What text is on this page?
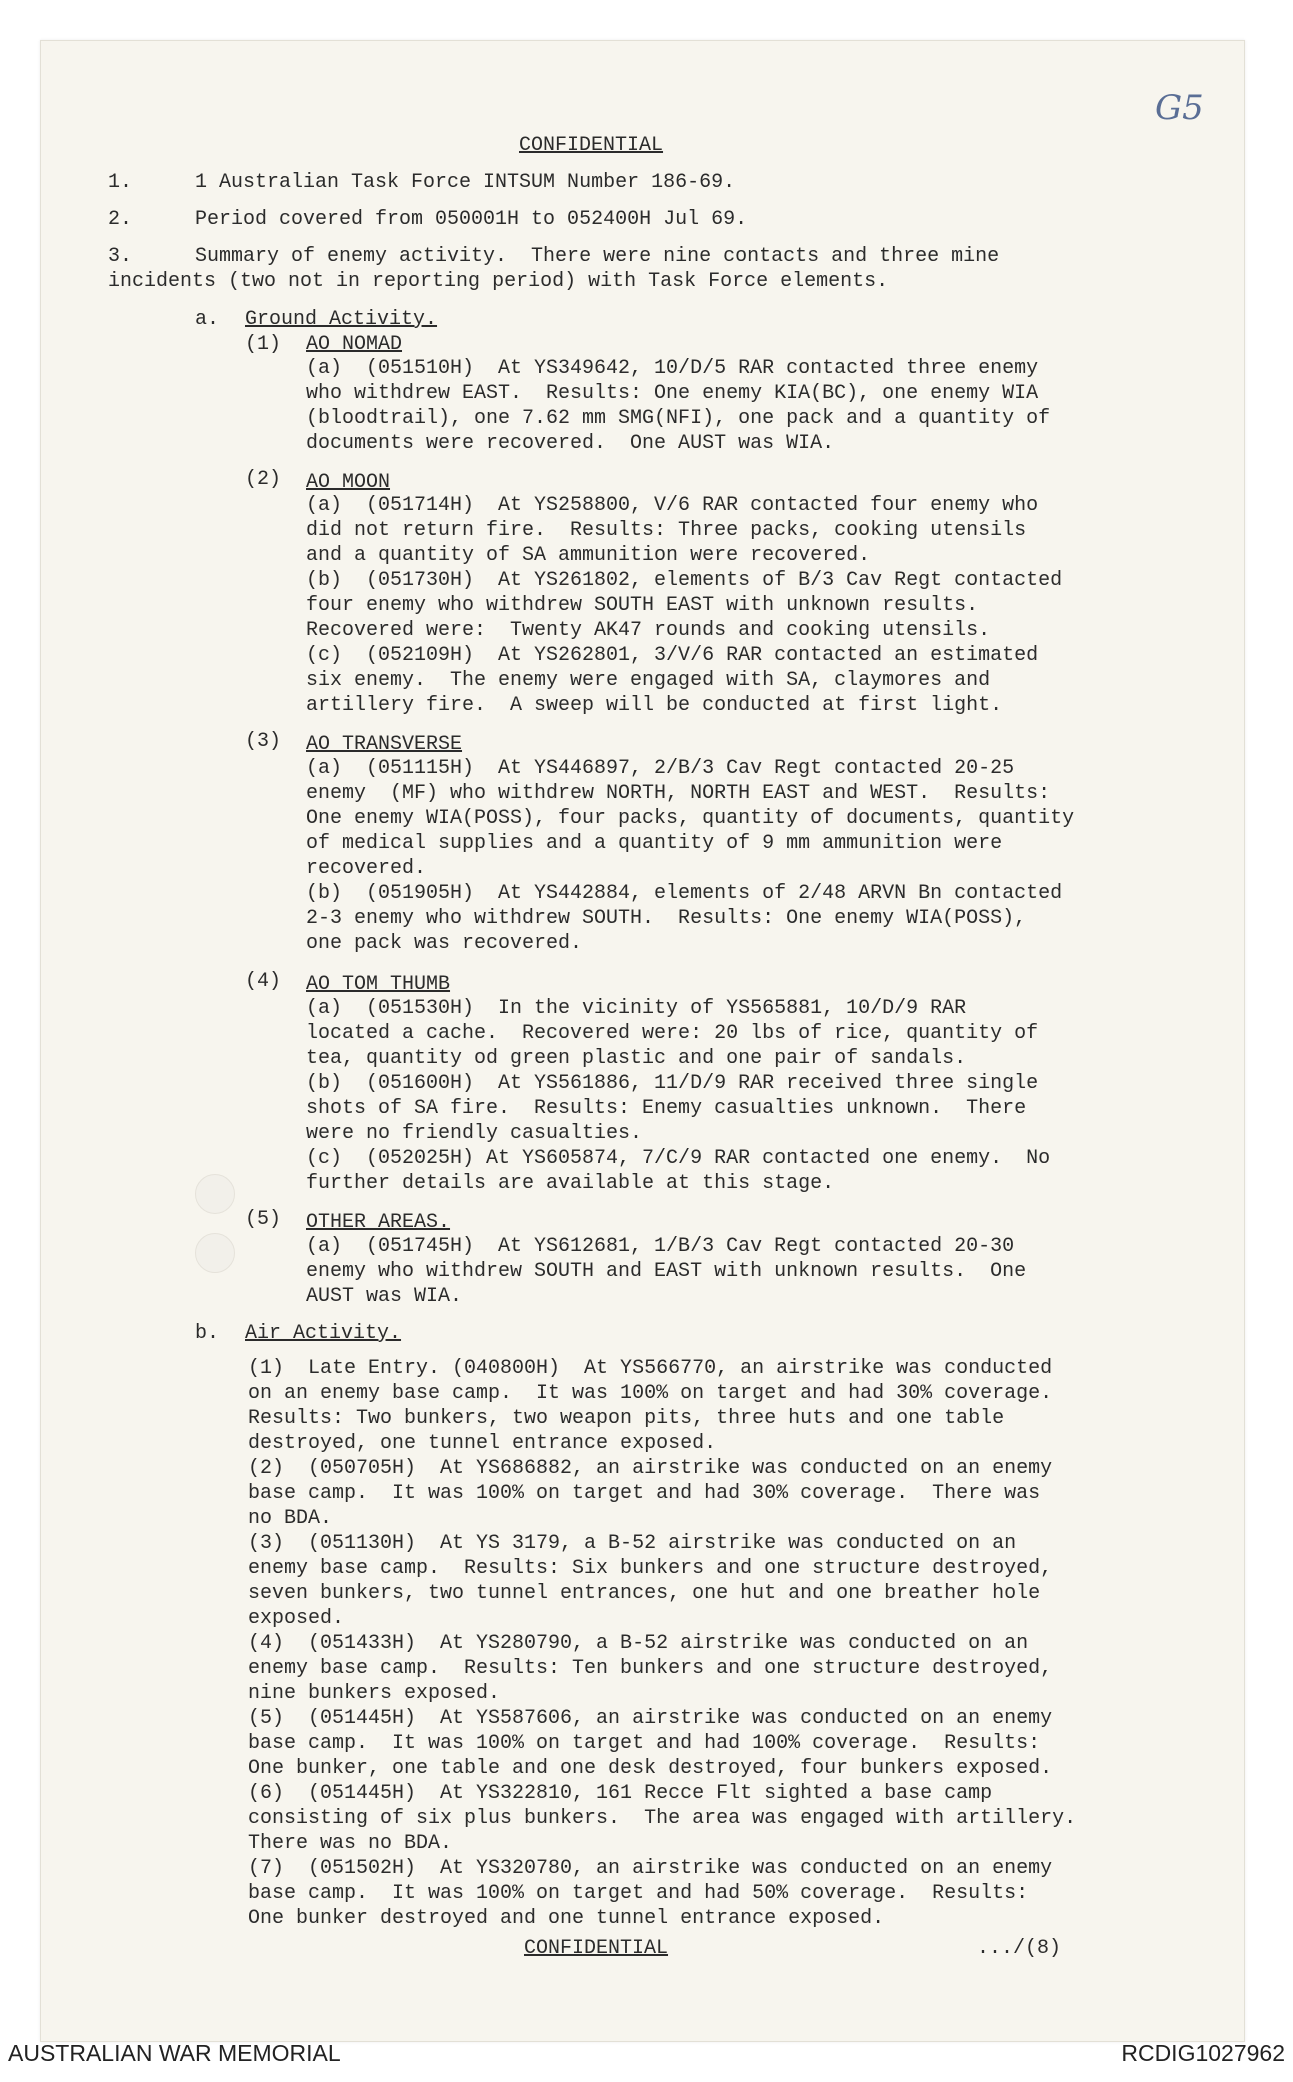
G5
CONFIDENTIAL
1.	1 Australian Task Force INTSUM Number 186-69.
2.	Period covered from 050001H to 052400H Jul 69.
3.	Summary of enemy activity.  There were nine contacts and three mine
incidents (two not in reporting period) with Task Force elements.
a. Ground Activity.
(1) AO NOMAD
(a)  (051510H)  At YS349642, 10/D/5 RAR contacted three enemy
who withdrew EAST.  Results: One enemy KIA(BC), one enemy WIA
(bloodtrail), one 7.62 mm SMG(NFI), one pack and a quantity of
documents were recovered.  One AUST was WIA.
(2) AO MOON
(a)  (051714H)  At YS258800, V/6 RAR contacted four enemy who
did not return fire.  Results: Three packs, cooking utensils
and a quantity of SA ammunition were recovered.
(b)  (051730H)  At YS261802, elements of B/3 Cav Regt contacted
four enemy who withdrew SOUTH EAST with unknown results.
Recovered were:  Twenty AK47 rounds and cooking utensils.
(c)  (052109H)  At YS262801, 3/V/6 RAR contacted an estimated
six enemy.  The enemy were engaged with SA, claymores and
artillery fire.  A sweep will be conducted at first light.
(3) AO TRANSVERSE
(a)  (051115H)  At YS446897, 2/B/3 Cav Regt contacted 20-25
enemy  (MF) who withdrew NORTH, NORTH EAST and WEST.  Results:
One enemy WIA(POSS), four packs, quantity of documents, quantity
of medical supplies and a quantity of 9 mm ammunition were
recovered.
(b)  (051905H)  At YS442884, elements of 2/48 ARVN Bn contacted
2-3 enemy who withdrew SOUTH.  Results: One enemy WIA(POSS),
one pack was recovered.
(4) AO TOM THUMB
(a)  (051530H)  In the vicinity of YS565881, 10/D/9 RAR
located a cache.  Recovered were: 20 lbs of rice, quantity of
tea, quantity od green plastic and one pair of sandals.
(b)  (051600H)  At YS561886, 11/D/9 RAR received three single
shots of SA fire.  Results: Enemy casualties unknown.  There
were no friendly casualties.
(c)  (052025H) At YS605874, 7/C/9 RAR contacted one enemy.  No
further details are available at this stage.
(5) OTHER AREAS.
(a)  (051745H)  At YS612681, 1/B/3 Cav Regt contacted 20-30
enemy who withdrew SOUTH and EAST with unknown results.  One
AUST was WIA.
b. Air Activity.
(1)  Late Entry. (040800H)  At YS566770, an airstrike was conducted
on an enemy base camp.  It was 100% on target and had 30% coverage.
Results: Two bunkers, two weapon pits, three huts and one table
destroyed, one tunnel entrance exposed.
(2)  (050705H)  At YS686882, an airstrike was conducted on an enemy
base camp.  It was 100% on target and had 30% coverage.  There was
no BDA.
(3)  (051130H)  At YS 3179, a B-52 airstrike was conducted on an
enemy base camp.  Results: Six bunkers and one structure destroyed,
seven bunkers, two tunnel entrances, one hut and one breather hole
exposed.
(4)  (051433H)  At YS280790, a B-52 airstrike was conducted on an
enemy base camp.  Results: Ten bunkers and one structure destroyed,
nine bunkers exposed.
(5)  (051445H)  At YS587606, an airstrike was conducted on an enemy
base camp.  It was 100% on target and had 100% coverage.  Results:
One bunker, one table and one desk destroyed, four bunkers exposed.
(6)  (051445H)  At YS322810, 161 Recce Flt sighted a base camp
consisting of six plus bunkers.  The area was engaged with artillery.
There was no BDA.
(7)  (051502H)  At YS320780, an airstrike was conducted on an enemy
base camp.  It was 100% on target and had 50% coverage.  Results:
One bunker destroyed and one tunnel entrance exposed.
CONFIDENTIAL	.../(8)
AUSTRALIAN WAR MEMORIAL	RCDIG1027962
